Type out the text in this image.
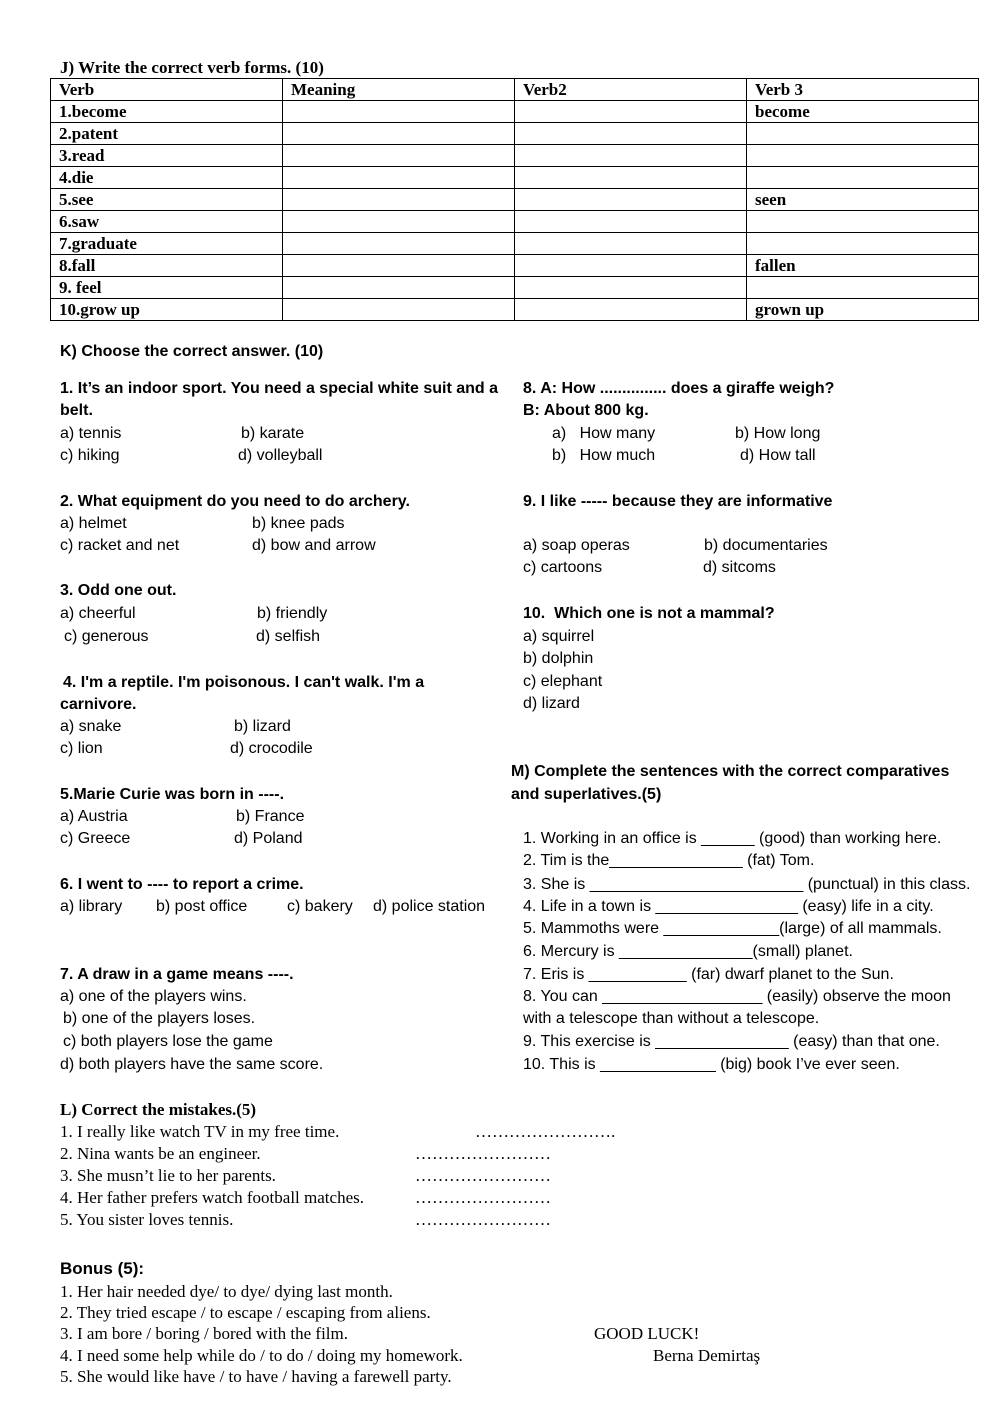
J) Write the correct verb forms. (10)
Verb	Meaning	Verb2	Verb 3
1.become			become
2.patent			
3.read			
4.die			
5.see			seen
6.saw			
7.graduate			
8.fall			fallen
9. feel			
10.grow up			grown up
K) Choose the correct answer. (10)
1. It’s an indoor sport. You need a special white suit and a
belt.
a) tennis	b) karate
c) hiking	d) volleyball
2. What equipment do you need to do archery.
a) helmet	b) knee pads
c) racket and net	d) bow and arrow
3. Odd one out.
a) cheerful	b) friendly
c) generous	d) selfish
4. I'm a reptile. I'm poisonous. I can't walk. I'm a
carnivore.
a) snake	b) lizard
c) lion	d) crocodile
5.Marie Curie was born in ----.
a) Austria	b) France
c) Greece	d) Poland
6. I went to ---- to report a crime.
a) library b) post office c) bakery d) police station
7. A draw in a game means ----.
a) one of the players wins.
b) one of the players loses.
c) both players lose the game
d) both players have the same score.
8. A: How ............... does a giraffe weigh?
B: About 800 kg.
a)   How many	b) How long
b)   How much	d) How tall
9. I like ----- because they are informative
a) soap operas	b) documentaries
c) cartoons	d) sitcoms
10.  Which one is not a mammal?
a) squirrel
b) dolphin
c) elephant
d) lizard
M) Complete the sentences with the correct comparatives
and superlatives.(5)
1. Working in an office is ______ (good) than working here.
2. Tim is the_______________ (fat) Tom.
3. She is ________________________ (punctual) in this class.
4. Life in a town is ________________ (easy) life in a city.
5. Mammoths were _____________(large) of all mammals.
6. Mercury is _______________(small) planet.
7. Eris is ___________ (far) dwarf planet to the Sun.
8. You can __________________ (easily) observe the moon
with a telescope than without a telescope.
9. This exercise is _______________ (easy) than that one.
10. This is _____________ (big) book I’ve ever seen.
L) Correct the mistakes.(5)
1. I really like watch TV in my free time.	…………………….
2. Nina wants be an engineer.	……………………
3. She musn’t lie to her parents.	……………………
4. Her father prefers watch football matches.	……………………
5. You sister loves tennis.	……………………
Bonus (5):
1. Her hair needed dye/ to dye/ dying last month.
2. They tried escape / to escape / escaping from aliens.
3. I am bore / boring / bored with the film.
4. I need some help while do / to do / doing my homework.
5. She would like have / to have / having a farewell party.
GOOD LUCK!
Berna Demirtaş
